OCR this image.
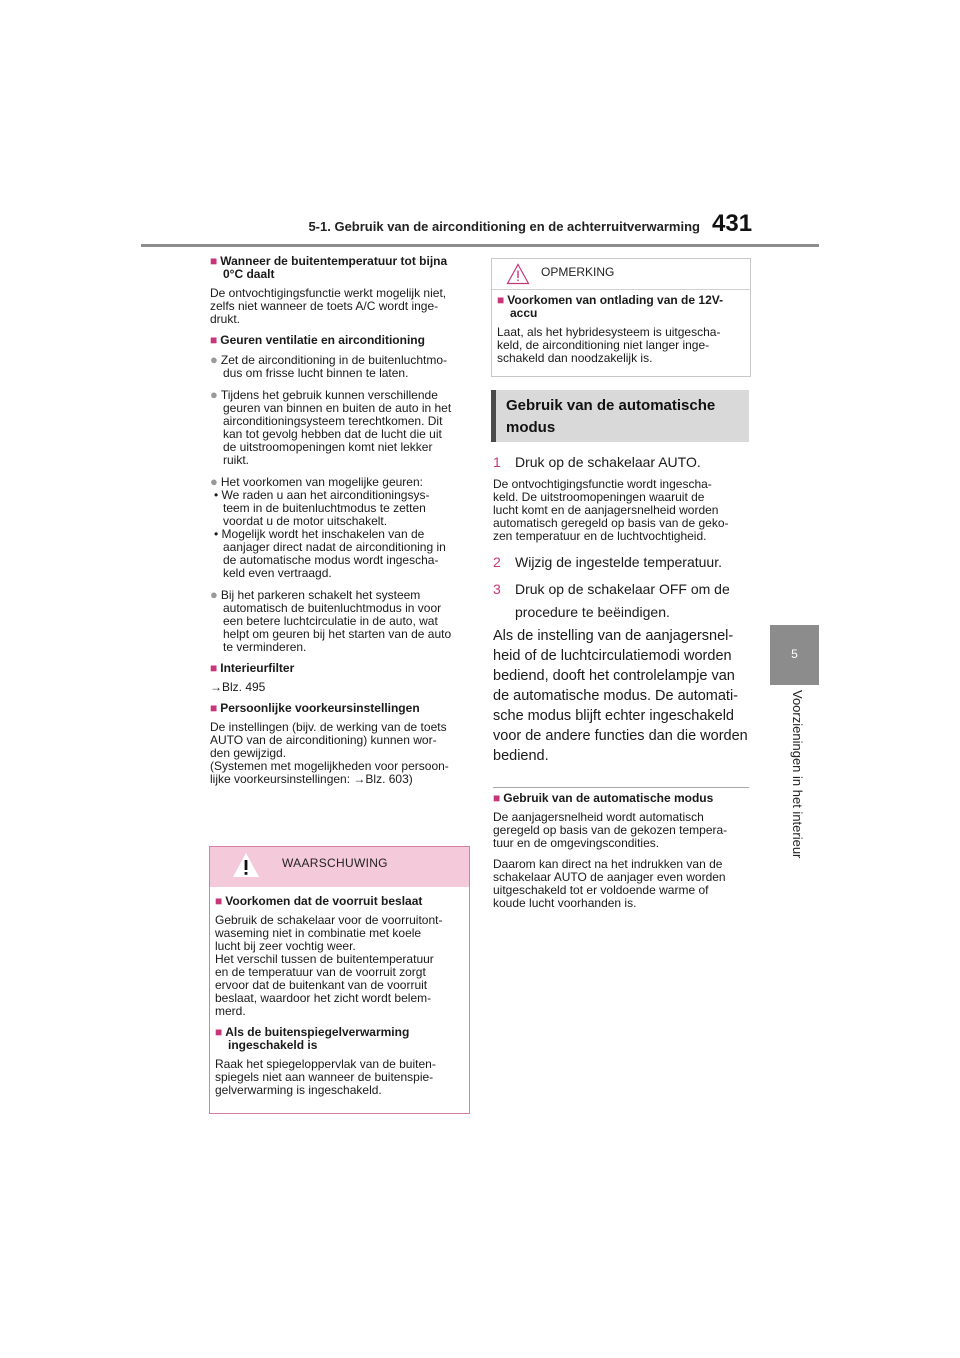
5-1. Gebruik van de airconditioning en de achterruitverwarming 431
5
Voorzieningen in het interieur
■ Wanneer de buitentemperatuur tot bijna 0°C daalt
De ontvochtigingsfunctie werkt mogelijk niet,
zelfs niet wanneer de toets A/C wordt inge-
drukt.
■ Geuren ventilatie en airconditioning
● Zet de airconditioning in de buitenluchtmo-
dus om frisse lucht binnen te laten.
● Tijdens het gebruik kunnen verschillende
geuren van binnen en buiten de auto in het
airconditioningsysteem terechtkomen. Dit
kan tot gevolg hebben dat de lucht die uit
de uitstroomopeningen komt niet lekker
ruikt.
● Het voorkomen van mogelijke geuren:
• We raden u aan het airconditioningsys-
teem in de buitenluchtmodus te zetten
voordat u de motor uitschakelt.
• Mogelijk wordt het inschakelen van de
aanjager direct nadat de airconditioning in
de automatische modus wordt ingescha-
keld even vertraagd.
● Bij het parkeren schakelt het systeem
automatisch de buitenluchtmodus in voor
een betere luchtcirculatie in de auto, wat
helpt om geuren bij het starten van de auto
te verminderen.
■ Interieurfilter
→Blz. 495
■ Persoonlijke voorkeursinstellingen
De instellingen (bijv. de werking van de toets
AUTO van de airconditioning) kunnen wor-
den gewijzigd.
(Systemen met mogelijkheden voor persoon-
lijke voorkeursinstellingen: →Blz. 603)
WAARSCHUWING
■ Voorkomen dat de voorruit beslaat
Gebruik de schakelaar voor de voorruitont-
waseming niet in combinatie met koele
lucht bij zeer vochtig weer.
Het verschil tussen de buitentemperatuur
en de temperatuur van de voorruit zorgt
ervoor dat de buitenkant van de voorruit
beslaat, waardoor het zicht wordt belem-
merd.
■ Als de buitenspiegelverwarming ingeschakeld is
Raak het spiegeloppervlak van de buiten-
spiegels niet aan wanneer de buitenspie-
gelverwarming is ingeschakeld.
OPMERKING
■ Voorkomen van ontlading van de 12V-accu
Laat, als het hybridesysteem is uitgescha-
keld, de airconditioning niet langer inge-
schakeld dan noodzakelijk is.
Gebruik van de automatische
modus
1 Druk op de schakelaar AUTO.
De ontvochtigingsfunctie wordt ingescha-
keld. De uitstroomopeningen waaruit de
lucht komt en de aanjagersnelheid worden
automatisch geregeld op basis van de geko-
zen temperatuur en de luchtvochtigheid.
2 Wijzig de ingestelde temperatuur.
3 Druk op de schakelaar OFF om de procedure te beëindigen.
Als de instelling van de aanjagersnel-
heid of de luchtcirculatiemodi worden
bediend, dooft het controlelampje van
de automatische modus. De automati-
sche modus blijft echter ingeschakeld
voor de andere functies dan die worden
bediend.
■ Gebruik van de automatische modus
De aanjagersnelheid wordt automatisch
geregeld op basis van de gekozen tempera-
tuur en de omgevingscondities.
Daarom kan direct na het indrukken van de
schakelaar AUTO de aanjager even worden
uitgeschakeld tot er voldoende warme of
koude lucht voorhanden is.
